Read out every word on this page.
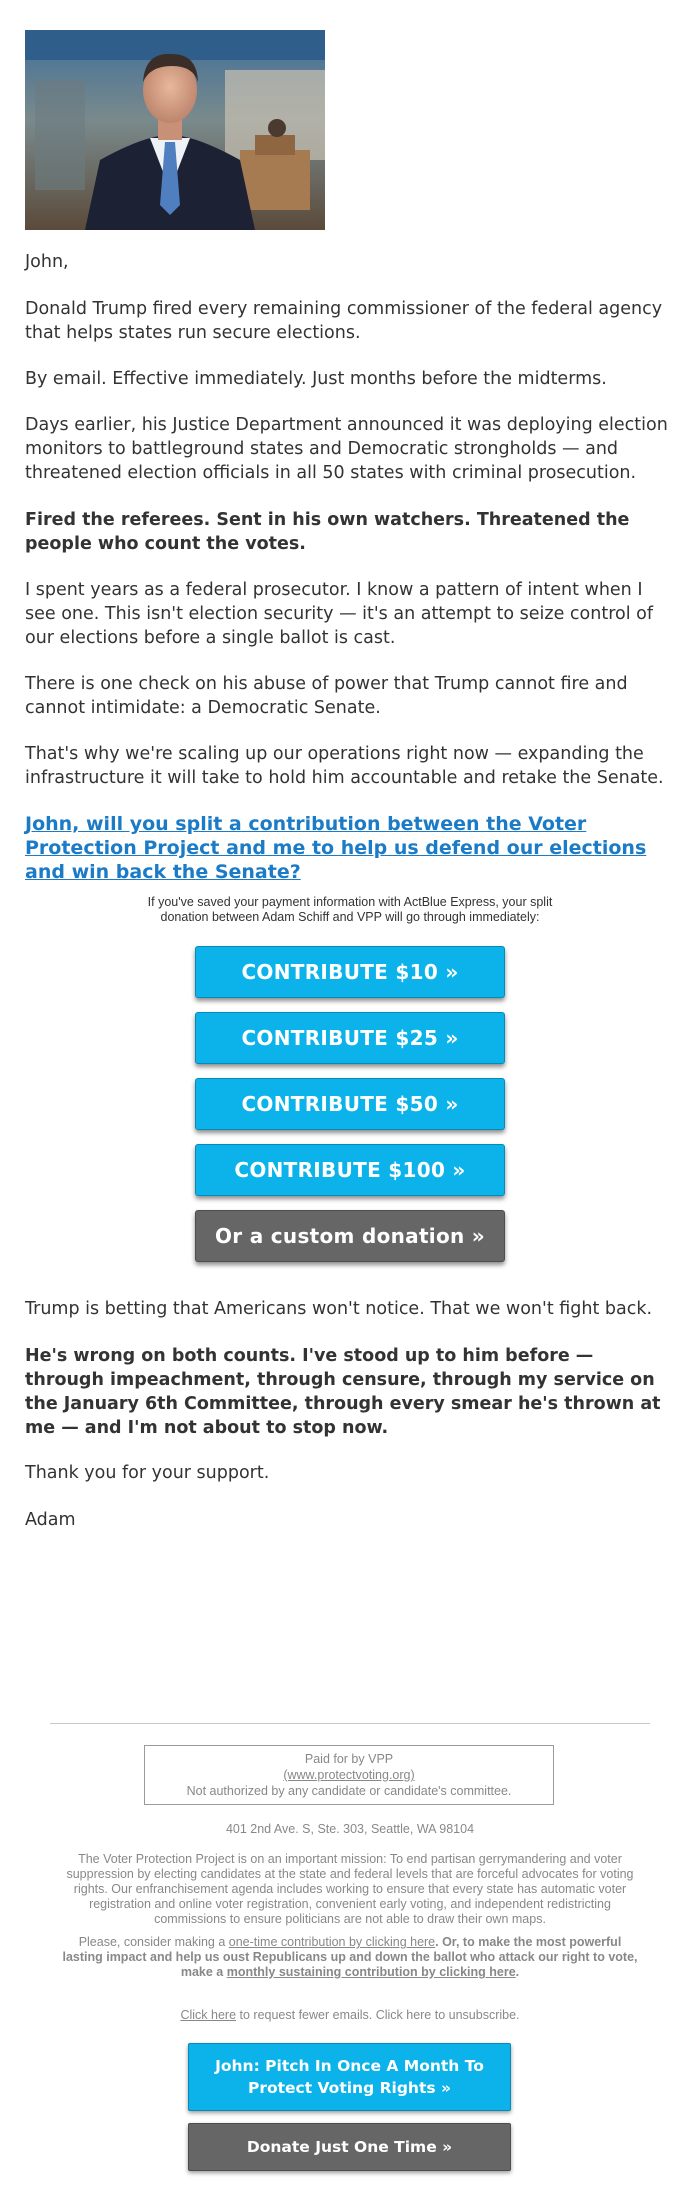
John,
Donald Trump fired every remaining commissioner of the federal agency that helps states run secure elections.
By email. Effective immediately. Just months before the midterms.
Days earlier, his Justice Department announced it was deploying election monitors to battleground states and Democratic strongholds — and threatened election officials in all 50 states with criminal prosecution.
Fired the referees. Sent in his own watchers. Threatened the people who count the votes.
I spent years as a federal prosecutor. I know a pattern of intent when I see one. This isn't election security — it's an attempt to seize control of our elections before a single ballot is cast.
There is one check on his abuse of power that Trump cannot fire and cannot intimidate: a Democratic Senate.
That's why we're scaling up our operations right now — expanding the infrastructure it will take to hold him accountable and retake the Senate.
John, will you split a contribution between the Voter Protection Project and me to help us defend our elections and win back the Senate?
If you've saved your payment information with ActBlue Express, your split donation between Adam Schiff and VPP will go through immediately:
CONTRIBUTE $10 »
CONTRIBUTE $25 »
CONTRIBUTE $50 »
CONTRIBUTE $100 »
Or a custom donation »
Trump is betting that Americans won't notice. That we won't fight back.
He's wrong on both counts. I've stood up to him before — through impeachment, through censure, through my service on the January 6th Committee, through every smear he's thrown at me — and I'm not about to stop now.
Thank you for your support.
Adam
Paid for by VPP
(www.protectvoting.org)
Not authorized by any candidate or candidate's committee.
401 2nd Ave. S, Ste. 303, Seattle, WA 98104
The Voter Protection Project is on an important mission: To end partisan gerrymandering and voter suppression by electing candidates at the state and federal levels that are forceful advocates for voting rights. Our enfranchisement agenda includes working to ensure that every state has automatic voter registration and online voter registration, convenient early voting, and independent redistricting commissions to ensure politicians are not able to draw their own maps.
Please, consider making a one-time contribution by clicking here. Or, to make the most powerful lasting impact and help us oust Republicans up and down the ballot who attack our right to vote, make a monthly sustaining contribution by clicking here.
Click here to request fewer emails. Click here to unsubscribe.
John: Pitch In Once A Month To Protect Voting Rights »
Donate Just One Time »
